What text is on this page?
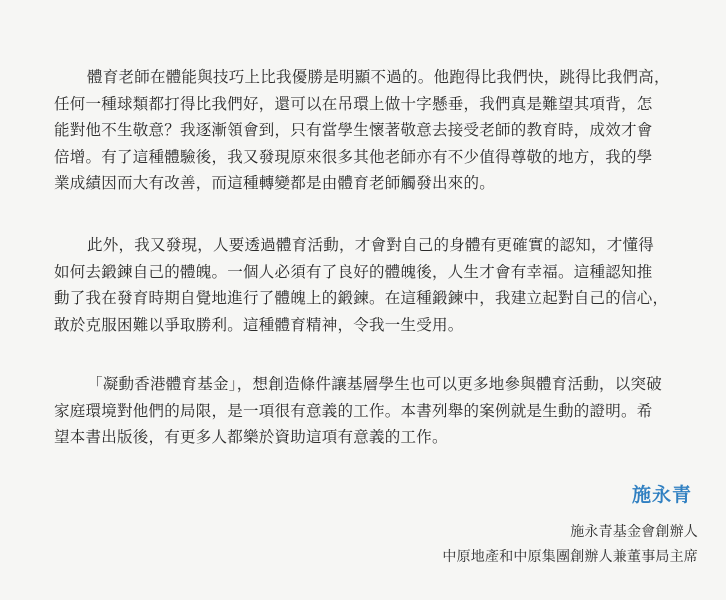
體育老師在體能與技巧上比我優勝是明顯不過的。他跑得比我們快，跳得比我們高，
任何一種球類都打得比我們好，還可以在吊環上做十字懸垂，我們真是難望其項背，怎
能對他不生敬意？我逐漸領會到，只有當學生懷著敬意去接受老師的教育時，成效才會
倍增。有了這種體驗後，我又發現原來很多其他老師亦有不少值得尊敬的地方，我的學
業成績因而大有改善，而這種轉變都是由體育老師觸發出來的。
此外，我又發現，人要透過體育活動，才會對自己的身體有更確實的認知，才懂得
如何去鍛鍊自己的體魄。一個人必須有了良好的體魄後，人生才會有幸福。這種認知推
動了我在發育時期自覺地進行了體魄上的鍛鍊。在這種鍛鍊中，我建立起對自己的信心，
敢於克服困難以爭取勝利。這種體育精神，令我一生受用。
「凝動香港體育基金」，想創造條件讓基層學生也可以更多地參與體育活動，以突破
家庭環境對他們的局限，是一項很有意義的工作。本書列舉的案例就是生動的證明。希
望本書出版後，有更多人都樂於資助這項有意義的工作。
施永青
施永青基金會創辦人
中原地產和中原集團創辦人兼董事局主席
